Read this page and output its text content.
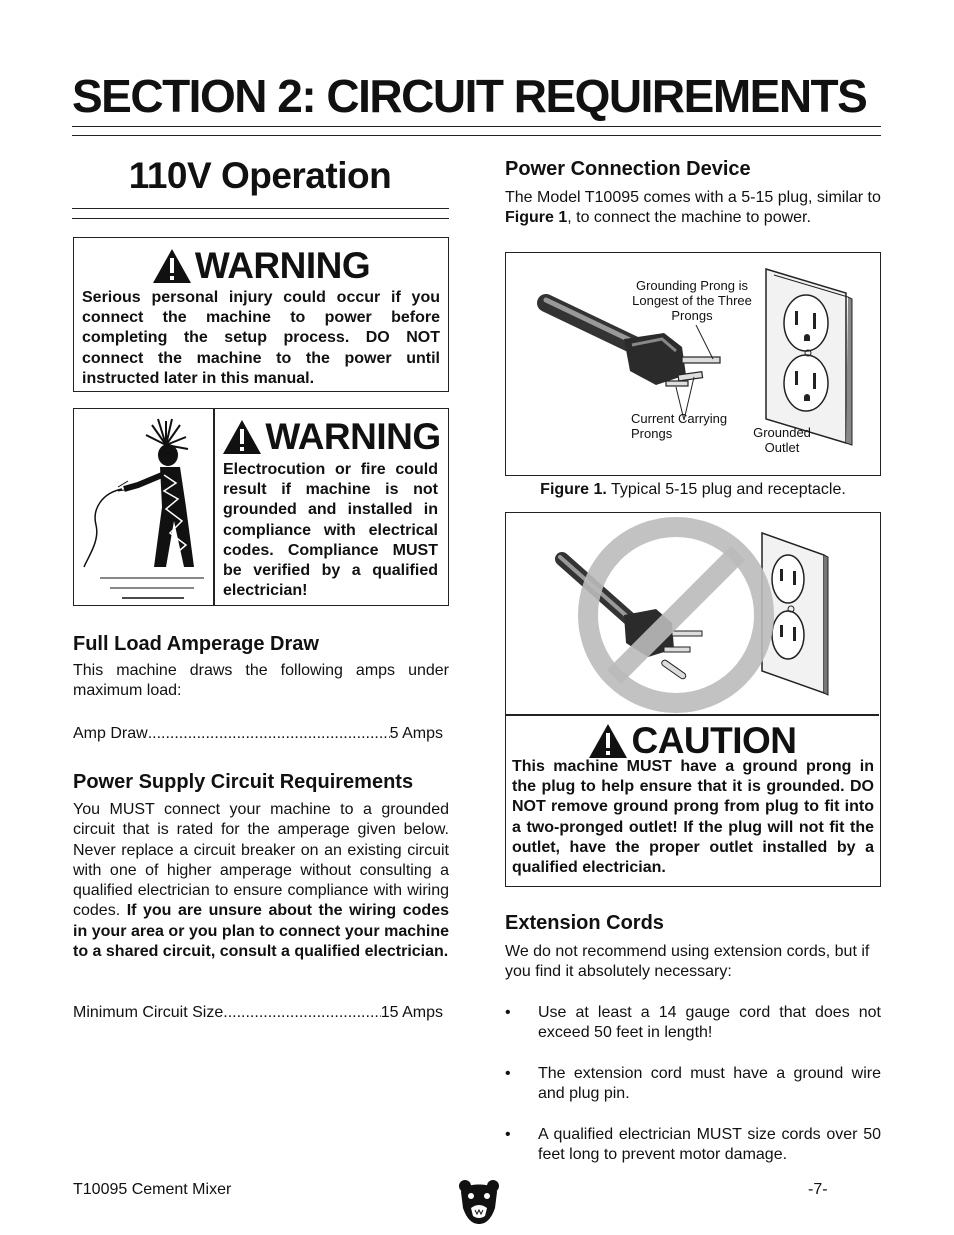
SECTION 2: CIRCUIT REQUIREMENTS
110V Operation
WARNING

Serious personal injury could occur if you connect the machine to power before completing the setup process. DO NOT connect the machine to the power until instructed later in this manual.

WARNING

Electrocution or fire could result if machine is not grounded and installed in compliance with electrical codes. Compliance MUST be verified by a qualified electrician!

Full Load Amperage Draw

This machine draws the following amps under maximum load:

Amp Draw .....	5 Amps
Power Supply Circuit Requirements

You MUST connect your machine to a grounded circuit that is rated for the amperage given below. Never replace a circuit breaker on an existing circuit with one of higher amperage without consulting a qualified electrician to ensure compliance with wiring codes. If you are unsure about the wiring codes in your area or you plan to connect your machine to a shared circuit, consult a qualified electrician.

Minimum Circuit Size .....	15 Amps
Power Connection Device

The Model T10095 comes with a 5-15 plug, similar to Figure 1, to connect the machine to power.

Grounding Prong is Longest of the Three Prongs
Current Carrying Prongs	Grounded Outlet

Figure 1. Typical 5-15 plug and receptacle.

CAUTION

This machine MUST have a ground prong in the plug to help ensure that it is grounded. DO NOT remove ground prong from plug to fit into a two-pronged outlet! If the plug will not fit the outlet, have the proper outlet installed by a qualified electrician.

Extension Cords

We do not recommend using extension cords, but if you find it absolutely necessary:

•	Use at least a 14 gauge cord that does not exceed 50 feet in length!
•	The extension cord must have a ground wire and plug pin.
•	A qualified electrician MUST size cords over 50 feet long to prevent motor damage.
T10095 Cement Mixer	-7-
